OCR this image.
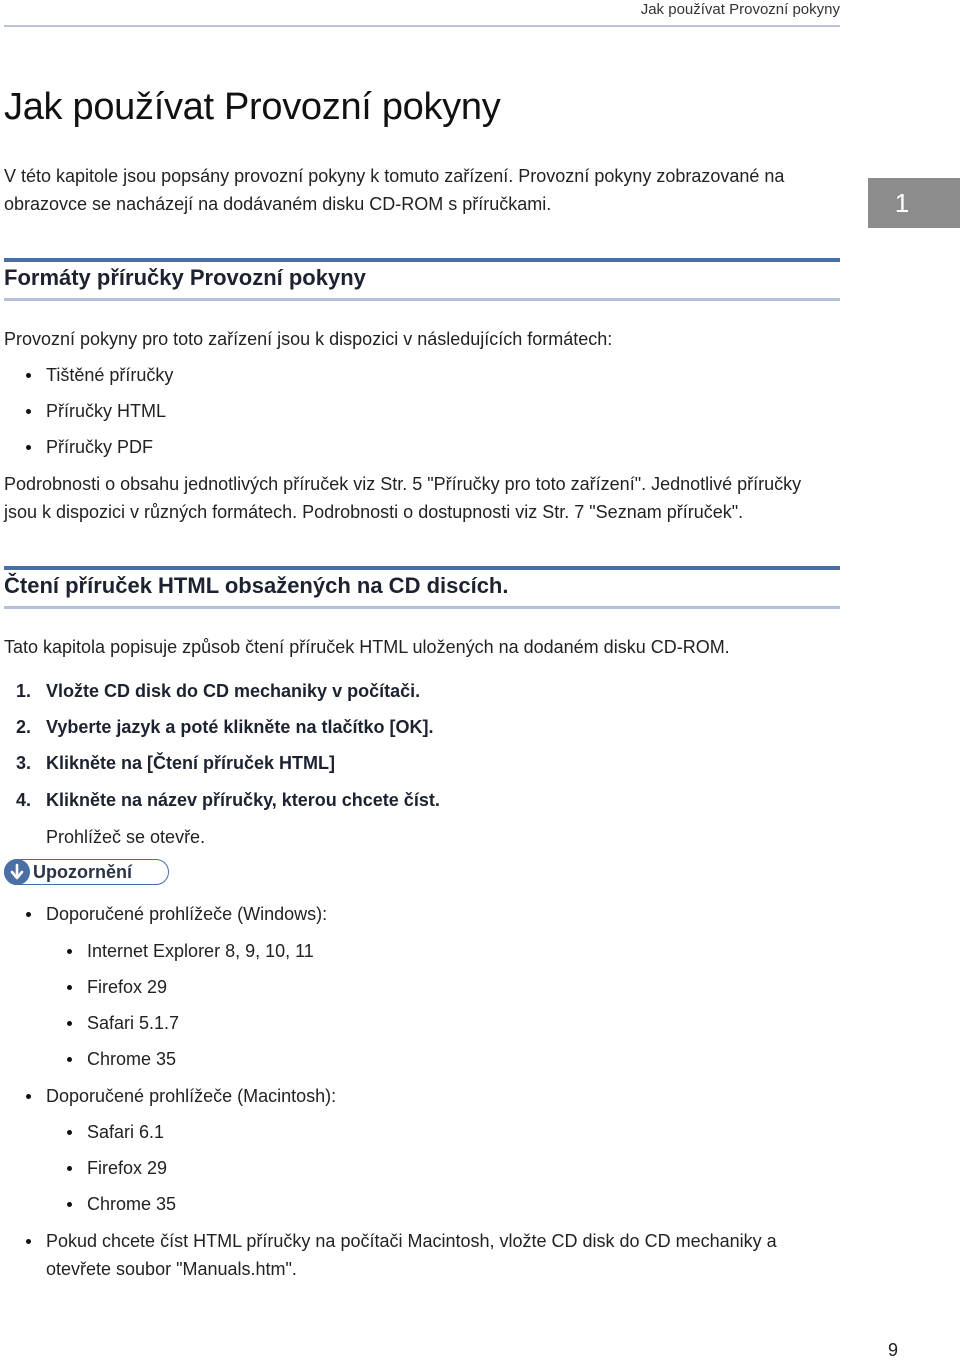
Jak používat Provozní pokyny
Jak používat Provozní pokyny
V této kapitole jsou popsány provozní pokyny k tomuto zařízení. Provozní pokyny zobrazované na obrazovce se nacházejí na dodávaném disku CD-ROM s příručkami.	1
Formáty příručky Provozní pokyny
Provozní pokyny pro toto zařízení jsou k dispozici v následujících formátech:
Tištěné příručky
Příručky HTML
Příručky PDF
Podrobnosti o obsahu jednotlivých příruček viz Str. 5 "Příručky pro toto zařízení". Jednotlivé příručky jsou k dispozici v různých formátech. Podrobnosti o dostupnosti viz Str. 7 "Seznam příruček".
Čtení příruček HTML obsažených na CD discích.
Tato kapitola popisuje způsob čtení příruček HTML uložených na dodaném disku CD-ROM.
1. Vložte CD disk do CD mechaniky v počítači.
2. Vyberte jazyk a poté klikněte na tlačítko [OK].
3. Klikněte na [Čtení příruček HTML]
4. Klikněte na název příručky, kterou chcete číst.
Prohlížeč se otevře.
Upozornění
Doporučené prohlížeče (Windows):
Internet Explorer 8, 9, 10, 11
Firefox 29
Safari 5.1.7
Chrome 35
Doporučené prohlížeče (Macintosh):
Safari 6.1
Firefox 29
Chrome 35
Pokud chcete číst HTML příručky na počítači Macintosh, vložte CD disk do CD mechaniky a otevřete soubor "Manuals.htm".
9
